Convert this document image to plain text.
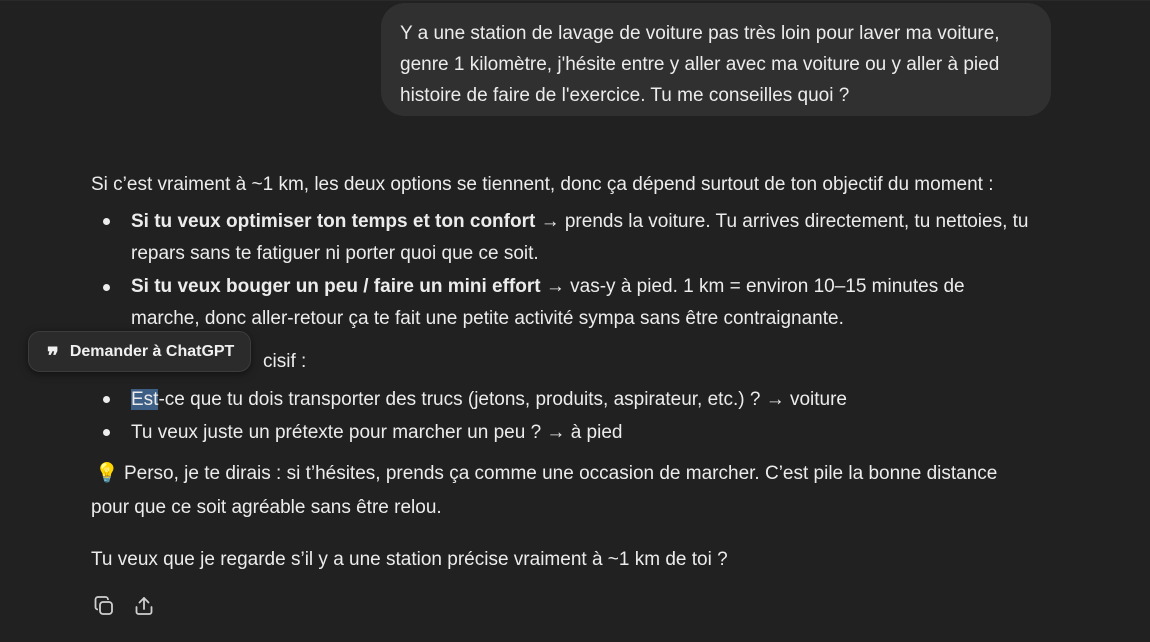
Y a une station de lavage de voiture pas très loin pour laver ma voiture,
genre 1 kilomètre, j'hésite entre y aller avec ma voiture ou y aller à pied
histoire de faire de l'exercice. Tu me conseilles quoi ?
Si c’est vraiment à ~1 km, les deux options se tiennent, donc ça dépend surtout de ton objectif du moment :
Si tu veux optimiser ton temps et ton confort → prends la voiture. Tu arrives directement, tu nettoies, tu repars sans te fatiguer ni porter quoi que ce soit.
Si tu veux bouger un peu / faire un mini effort → vas-y à pied. 1 km = environ 10–15 minutes de marche, donc aller-retour ça te fait une petite activité sympa sans être contraignante.
cisif :
Est-ce que tu dois transporter des trucs (jetons, produits, aspirateur, etc.) ? → voiture
Tu veux juste un prétexte pour marcher un peu ? → à pied
💡 Perso, je te dirais : si t’hésites, prends ça comme une occasion de marcher. C’est pile la bonne distance
pour que ce soit agréable sans être relou.
Tu veux que je regarde s’il y a une station précise vraiment à ~1 km de toi ?
❞ Demander à ChatGPT
